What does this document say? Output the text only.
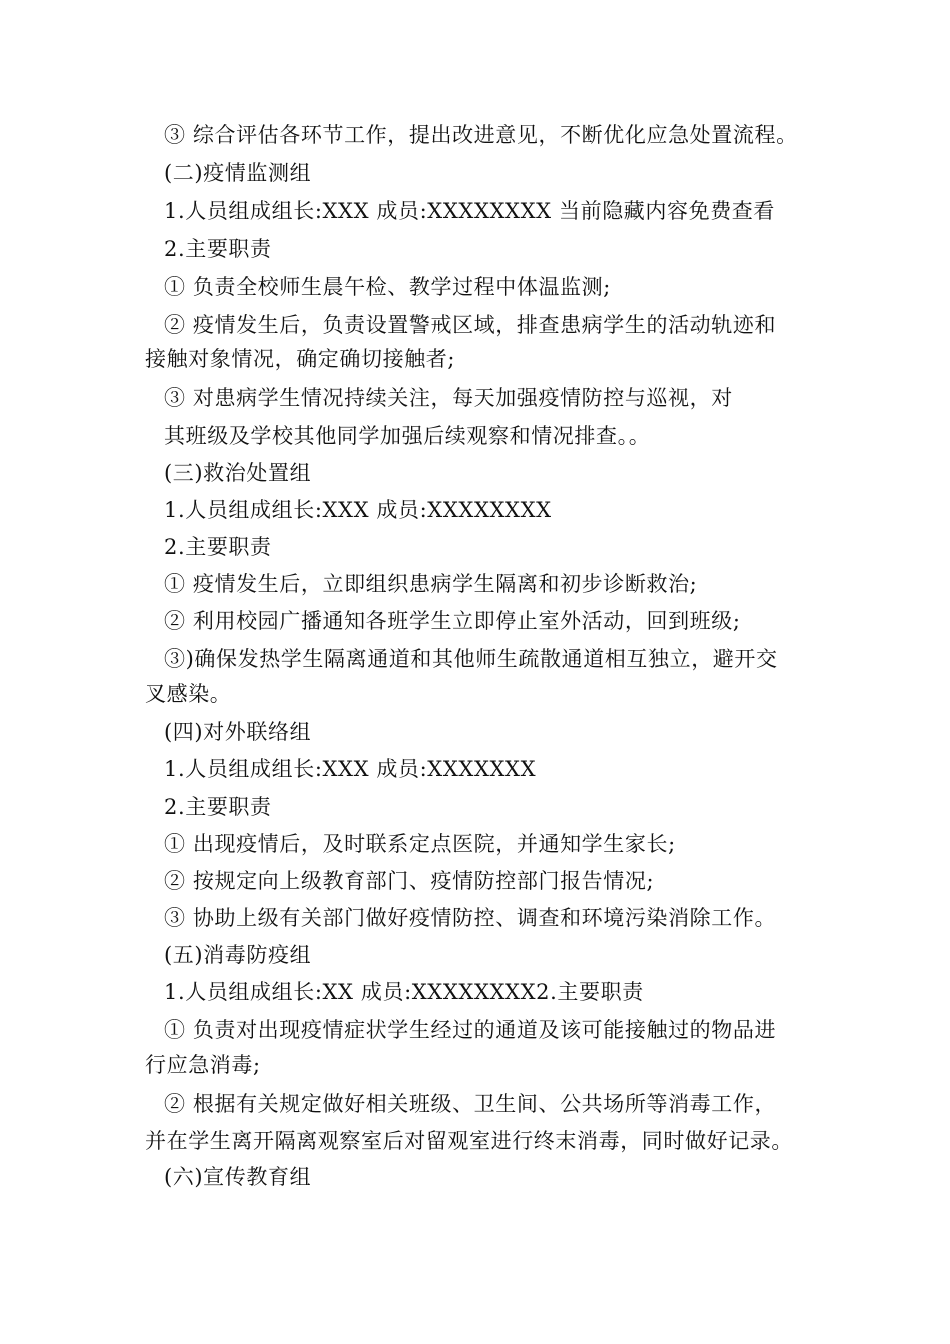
③ 综合评估各环节工作，提出改进意见，不断优化应急处置流程。
(二)疫情监测组
1.人员组成组长:XXX 成员:XXXXXXXX 当前隐藏内容免费查看
2.主要职责
① 负责全校师生晨午检、教学过程中体温监测;
② 疫情发生后，负责设置警戒区域，排查患病学生的活动轨迹和
接触对象情况，确定确切接触者;
③ 对患病学生情况持续关注，每天加强疫情防控与巡视，对
其班级及学校其他同学加强后续观察和情况排查。。
(三)救治处置组
1.人员组成组长:XXX 成员:XXXXXXXX
2.主要职责
① 疫情发生后，立即组织患病学生隔离和初步诊断救治;
② 利用校园广播通知各班学生立即停止室外活动，回到班级;
③)确保发热学生隔离通道和其他师生疏散通道相互独立，避开交
叉感染。
(四)对外联络组
1.人员组成组长:XXX 成员:XXXXXXX
2.主要职责
① 出现疫情后，及时联系定点医院，并通知学生家长;
② 按规定向上级教育部门、疫情防控部门报告情况;
③ 协助上级有关部门做好疫情防控、调查和环境污染消除工作。
(五)消毒防疫组
1.人员组成组长:XX 成员:XXXXXXXX2.主要职责
① 负责对出现疫情症状学生经过的通道及该可能接触过的物品进
行应急消毒;
② 根据有关规定做好相关班级、卫生间、公共场所等消毒工作，
并在学生离开隔离观察室后对留观室进行终末消毒，同时做好记录。
(六)宣传教育组
